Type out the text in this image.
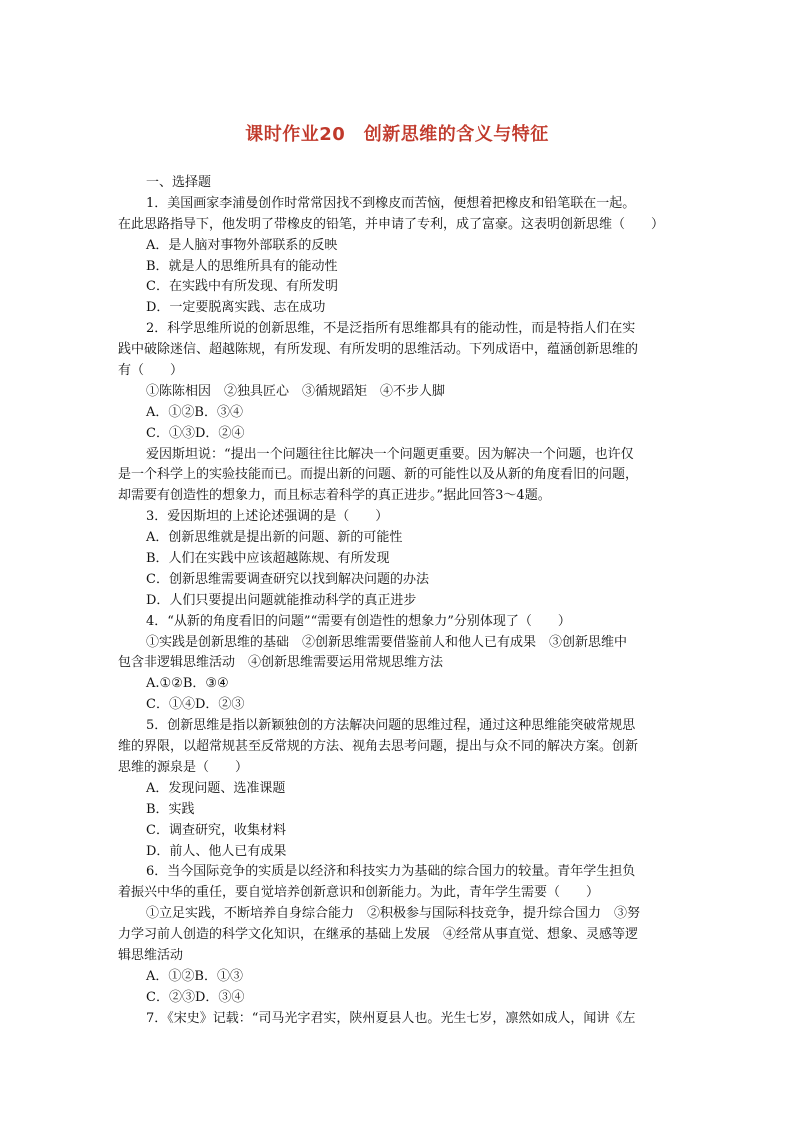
课时作业20　创新思维的含义与特征
一、选择题
1．美国画家李浦曼创作时常常因找不到橡皮而苦恼，便想着把橡皮和铅笔联在一起。
在此思路指导下，他发明了带橡皮的铅笔，并申请了专利，成了富豪。这表明创新思维（　　）
A．是人脑对事物外部联系的反映
B．就是人的思维所具有的能动性
C．在实践中有所发现、有所发明
D．一定要脱离实践、志在成功
2．科学思维所说的创新思维，不是泛指所有思维都具有的能动性，而是特指人们在实
践中破除迷信、超越陈规，有所发现、有所发明的思维活动。下列成语中，蕴涵创新思维的
有（　　）
①陈陈相因　②独具匠心　③循规蹈矩　④不步人脚
A．①②B．③④
C．①③D．②④
爱因斯坦说：“提出一个问题往往比解决一个问题更重要。因为解决一个问题，也许仅
是一个科学上的实验技能而已。而提出新的问题、新的可能性以及从新的角度看旧的问题，
却需要有创造性的想象力，而且标志着科学的真正进步。”据此回答3～4题。
3．爱因斯坦的上述论述强调的是（　　）
A．创新思维就是提出新的问题、新的可能性
B．人们在实践中应该超越陈规、有所发现
C．创新思维需要调查研究以找到解决问题的办法
D．人们只要提出问题就能推动科学的真正进步
4．“从新的角度看旧的问题”“需要有创造性的想象力”分别体现了（　　）
①实践是创新思维的基础　②创新思维需要借鉴前人和他人已有成果　③创新思维中
包含非逻辑思维活动　④创新思维需要运用常规思维方法
A.①②B．③④
C．①④D．②③
5．创新思维是指以新颖独创的方法解决问题的思维过程，通过这种思维能突破常规思
维的界限，以超常规甚至反常规的方法、视角去思考问题，提出与众不同的解决方案。创新
思维的源泉是（　　）
A．发现问题、选准课题
B．实践
C．调查研究，收集材料
D．前人、他人已有成果
6．当今国际竞争的实质是以经济和科技实力为基础的综合国力的较量。青年学生担负
着振兴中华的重任，要自觉培养创新意识和创新能力。为此，青年学生需要（　　）
①立足实践，不断培养自身综合能力　②积极参与国际科技竞争，提升综合国力　③努
力学习前人创造的科学文化知识，在继承的基础上发展　④经常从事直觉、想象、灵感等逻
辑思维活动
A．①②B．①③
C．②③D．③④
7．《宋史》记载：“司马光字君实，陕州夏县人也。光生七岁，凛然如成人，闻讲《左
